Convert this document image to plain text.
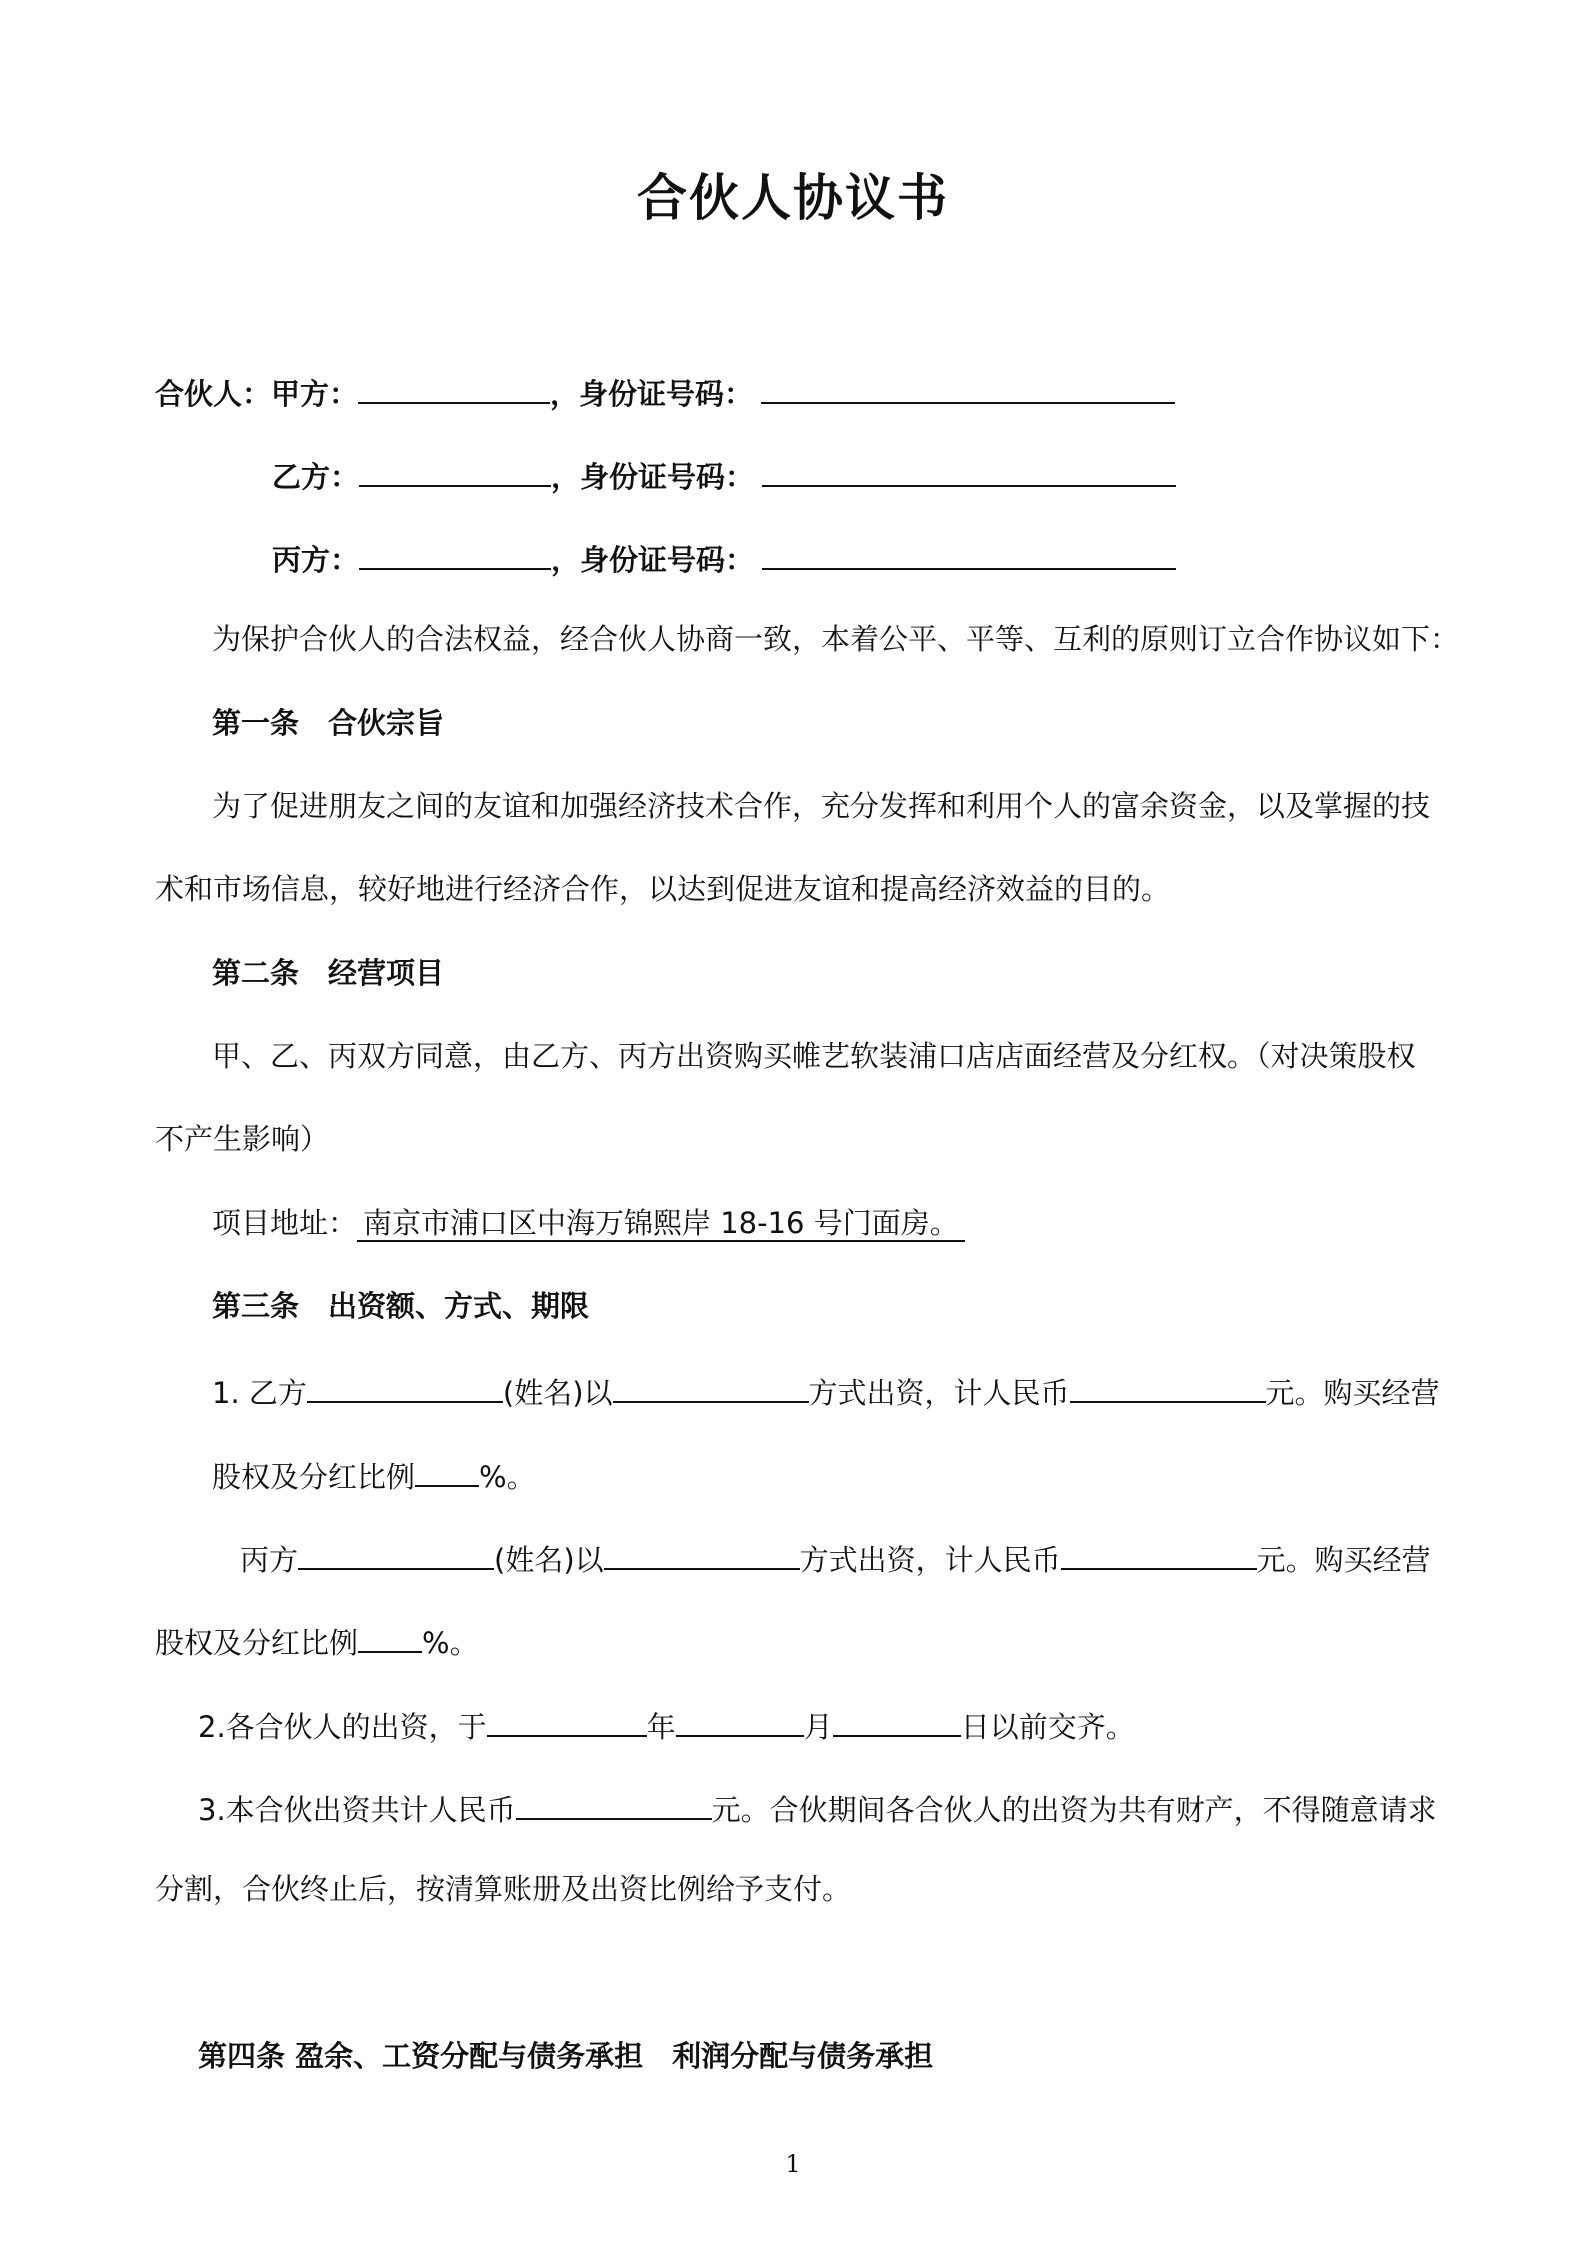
合伙人协议书
合伙人：甲方：	，身份证号码：
乙方：	，身份证号码：
丙方：	，身份证号码：
为保护合伙人的合法权益，经合伙人协商一致，本着公平、平等、互利的原则订立合作协议如下：
第一条　合伙宗旨
为了促进朋友之间的友谊和加强经济技术合作，充分发挥和利用个人的富余资金，以及掌握的技
术和市场信息，较好地进行经济合作，以达到促进友谊和提高经济效益的目的。
第二条　经营项目
甲、乙、丙双方同意，由乙方、丙方出资购买帷艺软装浦口店店面经营及分红权。（对决策股权
不产生影响）
项目地址： 南京市浦口区中海万锦熙岸 18-16 号门面房。
第三条　出资额、方式、期限
1. 乙方	(姓名)以	方式出资，计人民币	元。购买经营
股权及分红比例 %。
丙方	(姓名)以	方式出资，计人民币	元。购买经营
股权及分红比例 %。
2.各合伙人的出资，于	年	月	日以前交齐。
3.本合伙出资共计人民币	元。合伙期间各合伙人的出资为共有财产，不得随意请求
分割，合伙终止后，按清算账册及出资比例给予支付。
第四条 盈余、工资分配与债务承担　利润分配与债务承担
1
